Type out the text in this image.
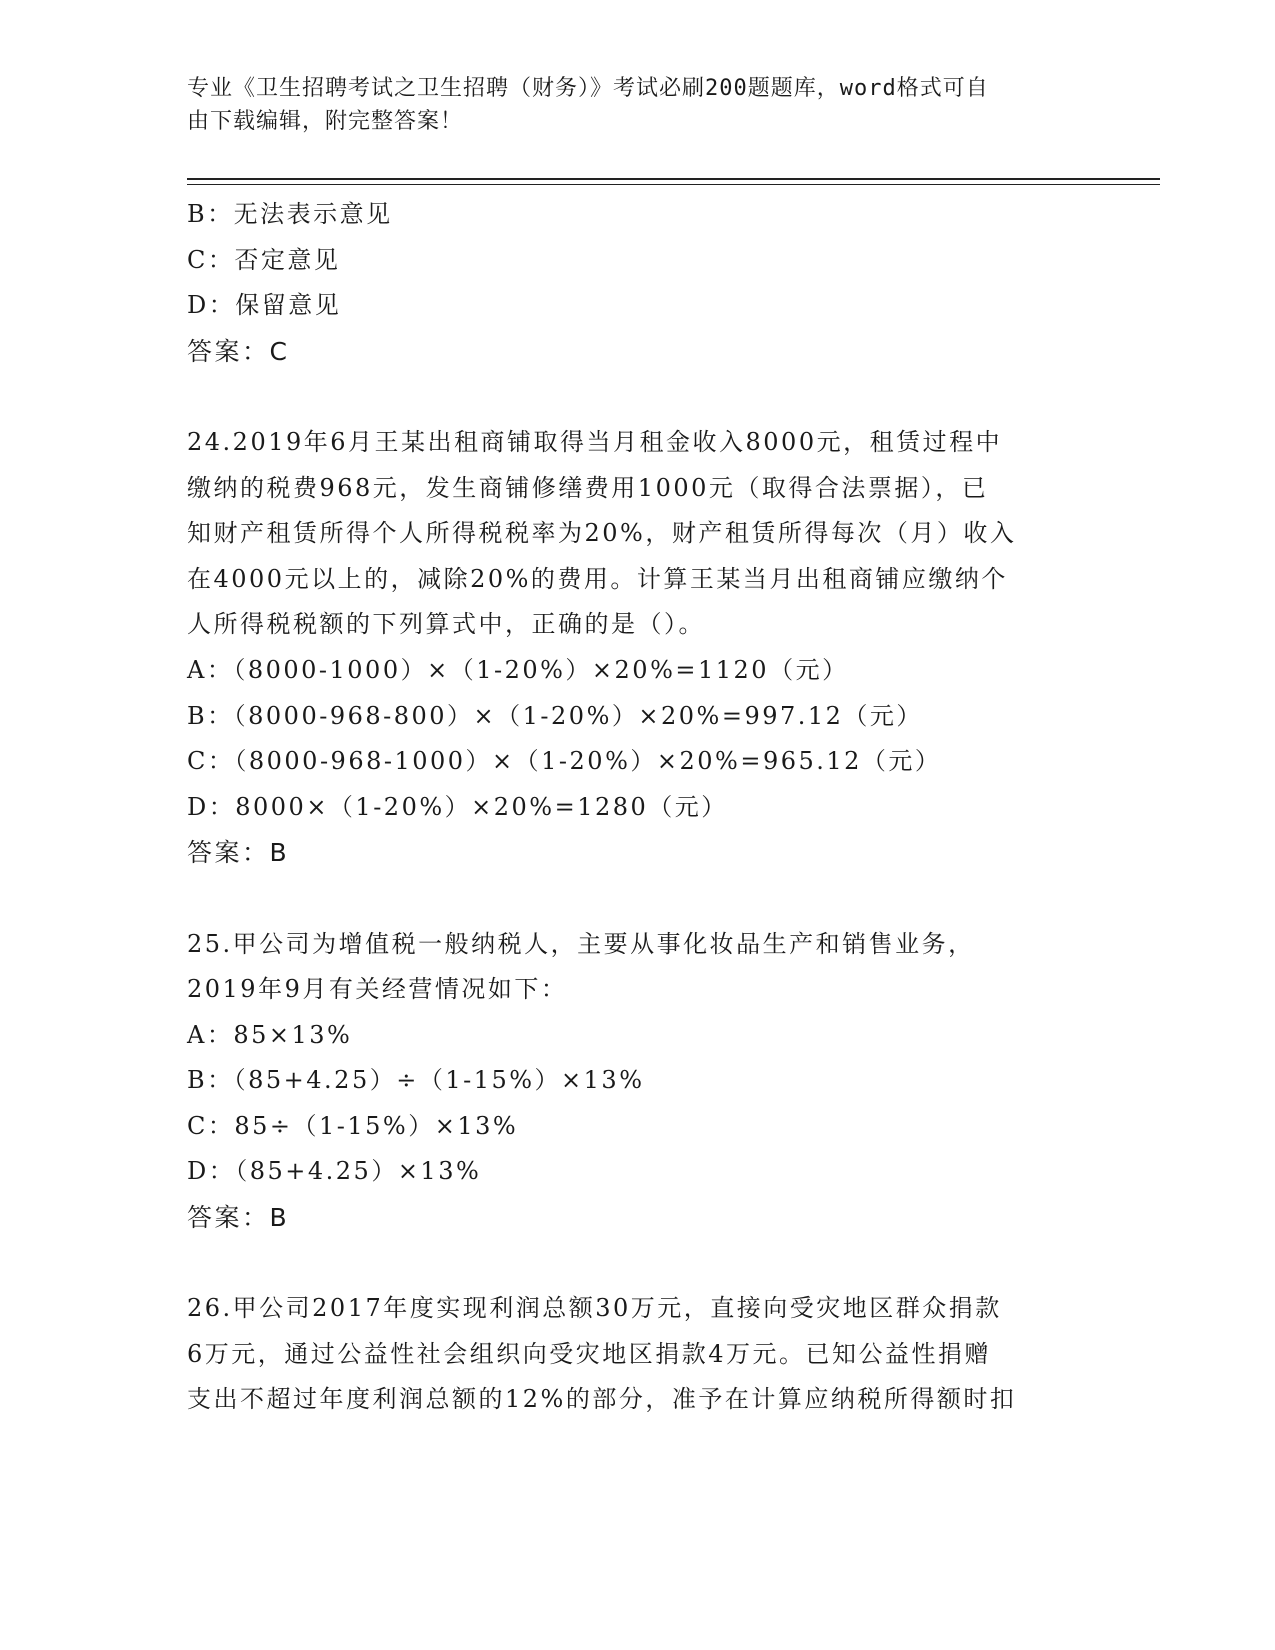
专业《卫生招聘考试之卫生招聘（财务）》考试必刷200题题库，word格式可自
由下载编辑，附完整答案！
B：无法表示意见
C：否定意见
D：保留意见
答案：C
24.2019年6月王某出租商铺取得当月租金收入8000元，租赁过程中
缴纳的税费968元，发生商铺修缮费用1000元（取得合法票据），已
知财产租赁所得个人所得税税率为20%，财产租赁所得每次（月）收入
在4000元以上的，减除20%的费用。计算王某当月出租商铺应缴纳个
人所得税税额的下列算式中，正确的是（）。
A：（8000-1000）×（1-20%）×20%=1120（元）
B：（8000-968-800）×（1-20%）×20%=997.12（元）
C：（8000-968-1000）×（1-20%）×20%=965.12（元）
D：8000×（1-20%）×20%=1280（元）
答案：B
25.甲公司为增值税一般纳税人，主要从事化妆品生产和销售业务，
2019年9月有关经营情况如下：
A：85×13%
B：（85+4.25）÷（1-15%）×13%
C：85÷（1-15%）×13%
D：（85+4.25）×13%
答案：B
26.甲公司2017年度实现利润总额30万元，直接向受灾地区群众捐款
6万元，通过公益性社会组织向受灾地区捐款4万元。已知公益性捐赠
支出不超过年度利润总额的12%的部分，准予在计算应纳税所得额时扣
